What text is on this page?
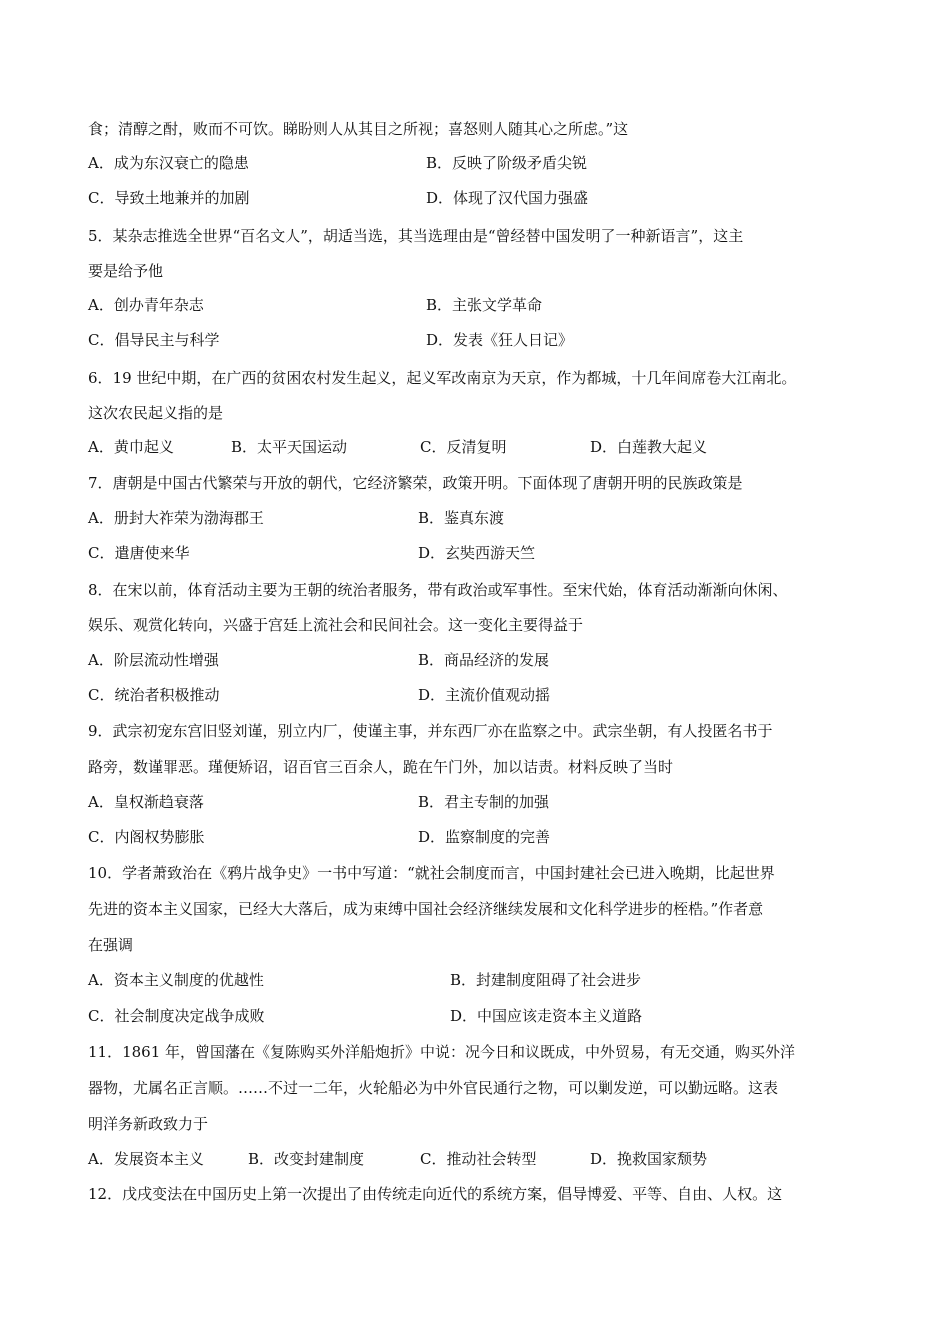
食；清醇之酎，败而不可饮。睇盼则人从其目之所视；喜怒则人随其心之所虑。”这
A．成为东汉衰亡的隐患	B．反映了阶级矛盾尖锐
C．导致土地兼并的加剧	D．体现了汉代国力强盛
5．某杂志推选全世界“百名文人”，胡适当选，其当选理由是“曾经替中国发明了一种新语言”，这主
要是给予他
A．创办青年杂志	B．主张文学革命
C．倡导民主与科学	D．发表《狂人日记》
6．19 世纪中期，在广西的贫困农村发生起义，起义军改南京为天京，作为都城，十几年间席卷大江南北。
这次农民起义指的是
A．黄巾起义	B．太平天国运动	C．反清复明	D．白莲教大起义
7．唐朝是中国古代繁荣与开放的朝代，它经济繁荣，政策开明。下面体现了唐朝开明的民族政策是
A．册封大祚荣为渤海郡王	B．鉴真东渡
C．遣唐使来华	D．玄奘西游天竺
8．在宋以前，体育活动主要为王朝的统治者服务，带有政治或军事性。至宋代始，体育活动渐渐向休闲、
娱乐、观赏化转向，兴盛于宫廷上流社会和民间社会。这一变化主要得益于
A．阶层流动性增强	B．商品经济的发展
C．统治者积极推动	D．主流价值观动摇
9．武宗初宠东宫旧竖刘谨，别立内厂，使谨主事，并东西厂亦在监察之中。武宗坐朝，有人投匿名书于
路旁，数谨罪恶。瑾便矫诏，诏百官三百余人，跪在午门外，加以诘责。材料反映了当时
A．皇权渐趋衰落	B．君主专制的加强
C．内阁权势膨胀	D．监察制度的完善
10．学者萧致治在《鸦片战争史》一书中写道：“就社会制度而言，中国封建社会已进入晚期，比起世界
先进的资本主义国家，已经大大落后，成为束缚中国社会经济继续发展和文化科学进步的桎梏。”作者意
在强调
A．资本主义制度的优越性	B．封建制度阻碍了社会进步
C．社会制度决定战争成败	D．中国应该走资本主义道路
11．1861 年，曾国藩在《复陈购买外洋船炮折》中说：况今日和议既成，中外贸易，有无交通，购买外洋
器物，尤属名正言顺。……不过一二年，火轮船必为中外官民通行之物，可以剿发逆，可以勤远略。这表
明洋务新政致力于
A．发展资本主义	B．改变封建制度	C．推动社会转型	D．挽救国家颓势
12．戊戌变法在中国历史上第一次提出了由传统走向近代的系统方案，倡导博爱、平等、自由、人权。这
